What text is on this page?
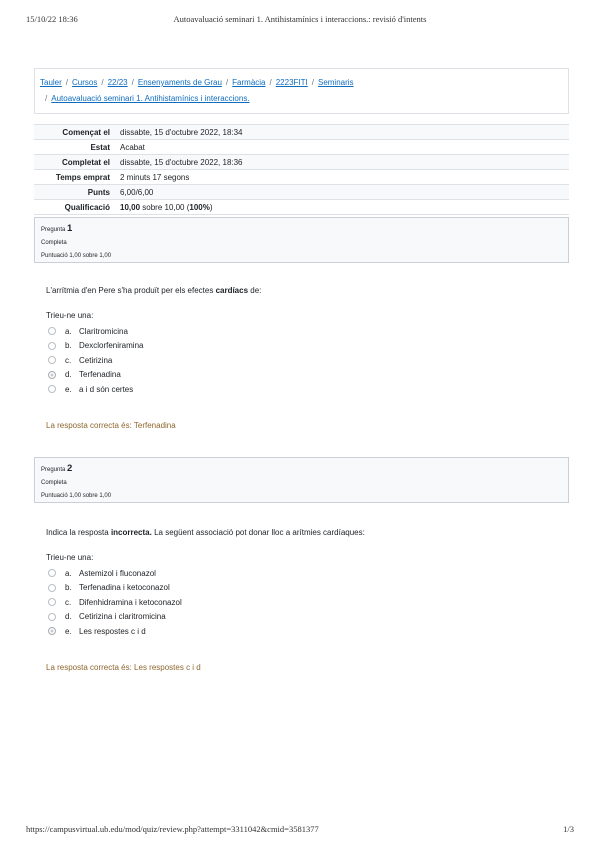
15/10/22 18:36	Autoavaluació seminari 1. Antihistamínics i interaccions.: revisió d'intents
Tauler / Cursos / 22/23 / Ensenyaments de Grau / Farmàcia / 2223FITI / Seminaris
/ Autoavaluació seminari 1. Antihistamínics i interaccions.
Començat el	dissabte, 15 d'octubre 2022, 18:34
Estat	Acabat
Completat el	dissabte, 15 d'octubre 2022, 18:36
Temps emprat	2 minuts 17 segons
Punts	6,00/6,00
Qualificació	10,00 sobre 10,00 (100%)
Pregunta 1
Completa
Puntuació 1,00 sobre 1,00
L'arrítmia d'en Pere s'ha produït per els efectes cardíacs de:
Trieu-ne una:
a. Claritromicina
b. Dexclorfeniramina
c. Cetirizina
d. Terfenadina
e. a i d són certes
La resposta correcta és: Terfenadina
Pregunta 2
Completa
Puntuació 1,00 sobre 1,00
Indica la resposta incorrecta. La següent associació pot donar lloc a arítmies cardíaques:
Trieu-ne una:
a. Astemizol i fluconazol
b. Terfenadina i ketoconazol
c. Difenhidramina i ketoconazol
d. Cetirizina i claritromicina
e. Les respostes c i d
La resposta correcta és: Les respostes c i d
https://campusvirtual.ub.edu/mod/quiz/review.php?attempt=3311042&cmid=3581377	1/3
